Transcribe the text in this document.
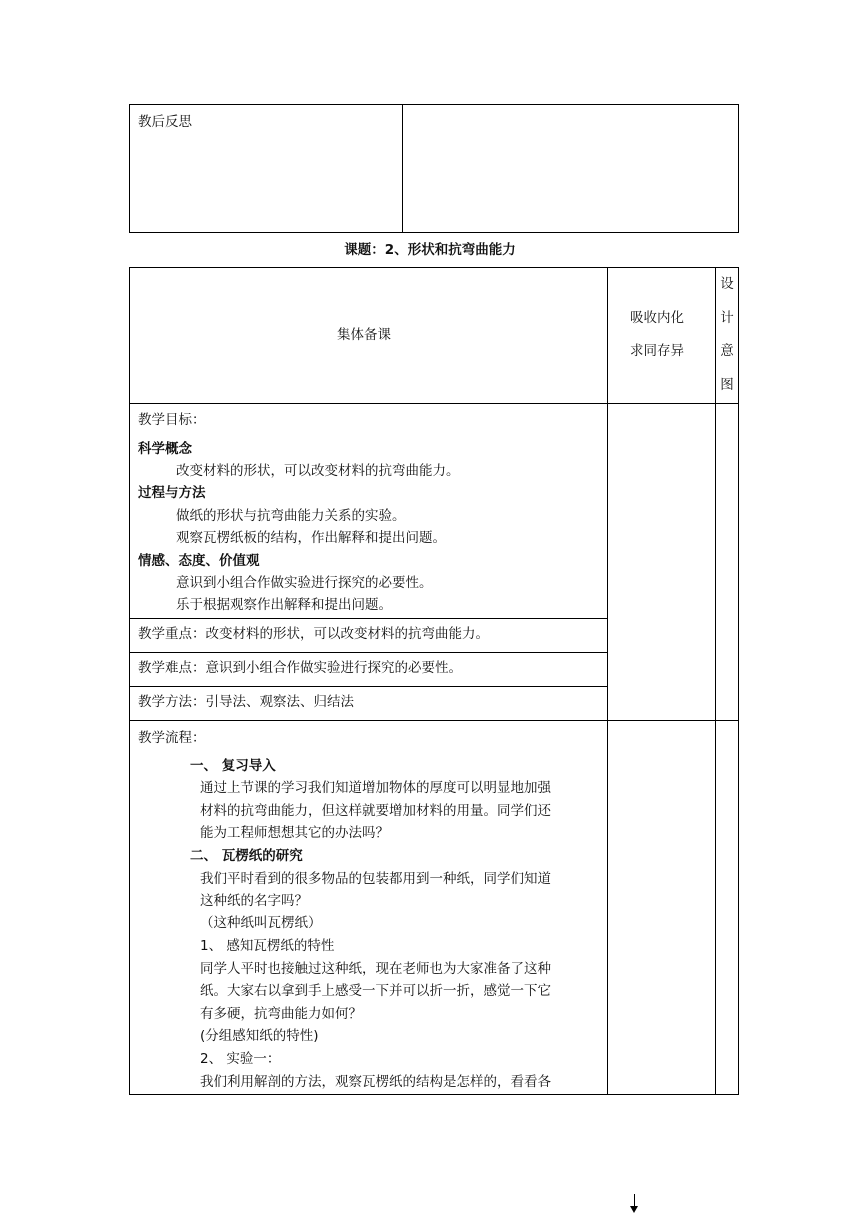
教后反思
课题：2、形状和抗弯曲能力
集体备课
吸收内化
求同存异
设
计
意
图
教学目标：
科学概念
改变材料的形状，可以改变材料的抗弯曲能力。
过程与方法
做纸的形状与抗弯曲能力关系的实验。
观察瓦楞纸板的结构，作出解释和提出问题。
情感、态度、价值观
意识到小组合作做实验进行探究的必要性。
乐于根据观察作出解释和提出问题。
教学重点：改变材料的形状，可以改变材料的抗弯曲能力。
教学难点：意识到小组合作做实验进行探究的必要性。
教学方法：引导法、观察法、归结法
教学流程：
一、 复习导入
通过上节课的学习我们知道增加物体的厚度可以明显地加强
材料的抗弯曲能力，但这样就要增加材料的用量。同学们还
能为工程师想想其它的办法吗？
二、 瓦楞纸的研究
我们平时看到的很多物品的包装都用到一种纸，同学们知道
这种纸的名字吗？
（这种纸叫瓦楞纸）
1、 感知瓦楞纸的特性
同学人平时也接触过这种纸，现在老师也为大家准备了这种
纸。大家右以拿到手上感受一下并可以折一折，感觉一下它
有多硬，抗弯曲能力如何？
(分组感知纸的特性)
2、 实验一：
我们利用解剖的方法，观察瓦楞纸的结构是怎样的，看看各
